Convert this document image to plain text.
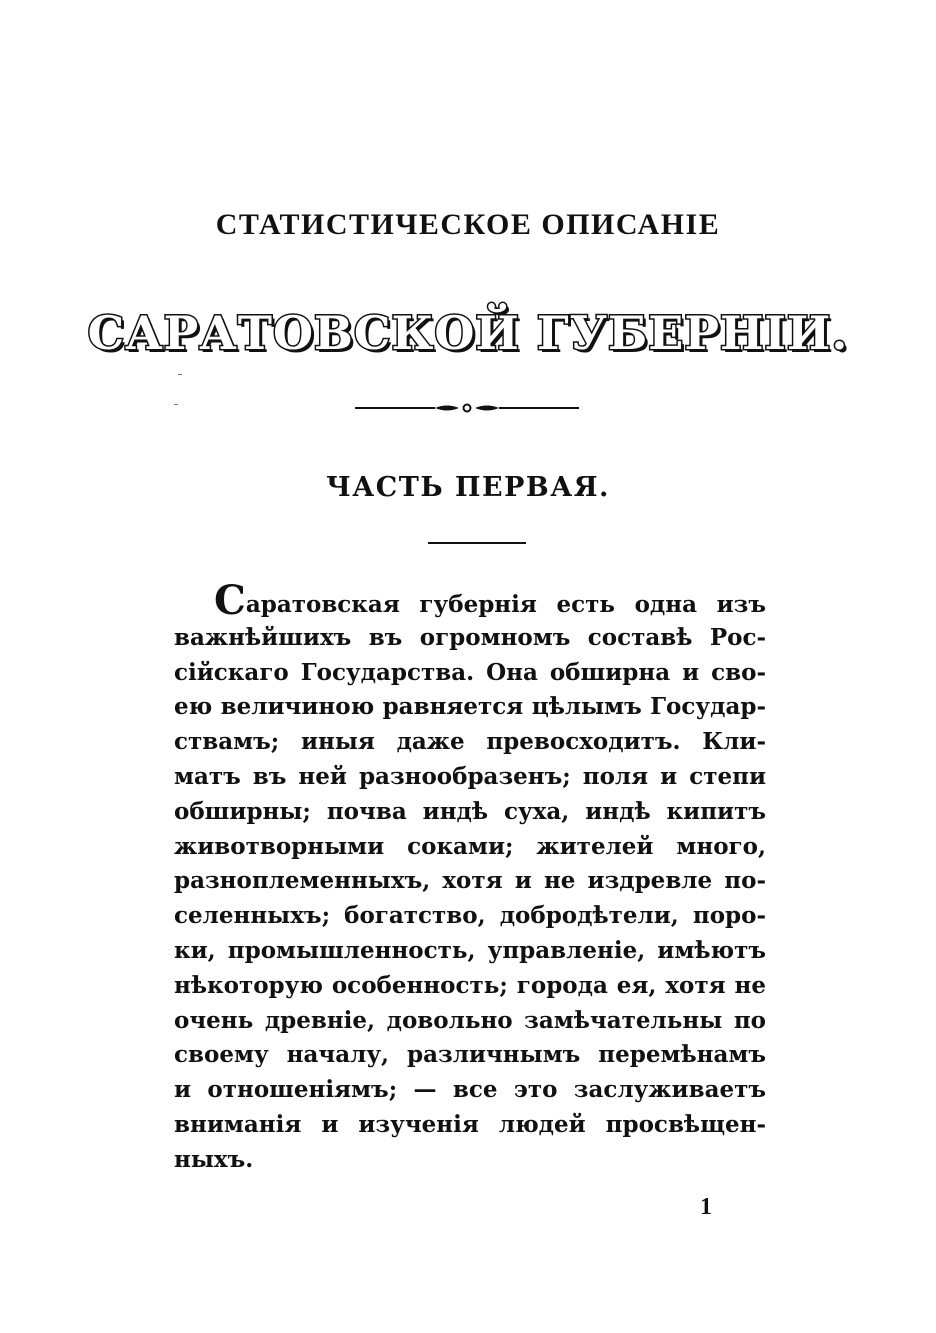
СТАТИСТИЧЕСКОЕ ОПИСАНІЕ
САРАТОВСКОЙ ГУБЕРНІИ.
ЧАСТЬ ПЕРВАЯ.
Саратовская губернія есть одна изъ
важнѣйшихъ въ огромномъ составѣ Рос-
сійскаго Государства. Она обширна и сво-
ею величиною равняется цѣлымъ Государ-
ствамъ; иныя даже превосходитъ. Кли-
матъ въ ней разнообразенъ; поля и степи
обширны; почва индѣ суха, индѣ кипитъ
животворными соками; жителей много,
разноплеменныхъ, хотя и не издревле по-
селенныхъ; богатство, добродѣтели, поро-
ки, промышленность, управленіе, имѣютъ
нѣкоторую особенность; города ея, хотя не
очень древніе, довольно замѣчательны по
своему началу, различнымъ перемѣнамъ
и отношеніямъ; — все это заслуживаетъ
вниманія и изученія людей просвѣщен-
ныхъ.
1
